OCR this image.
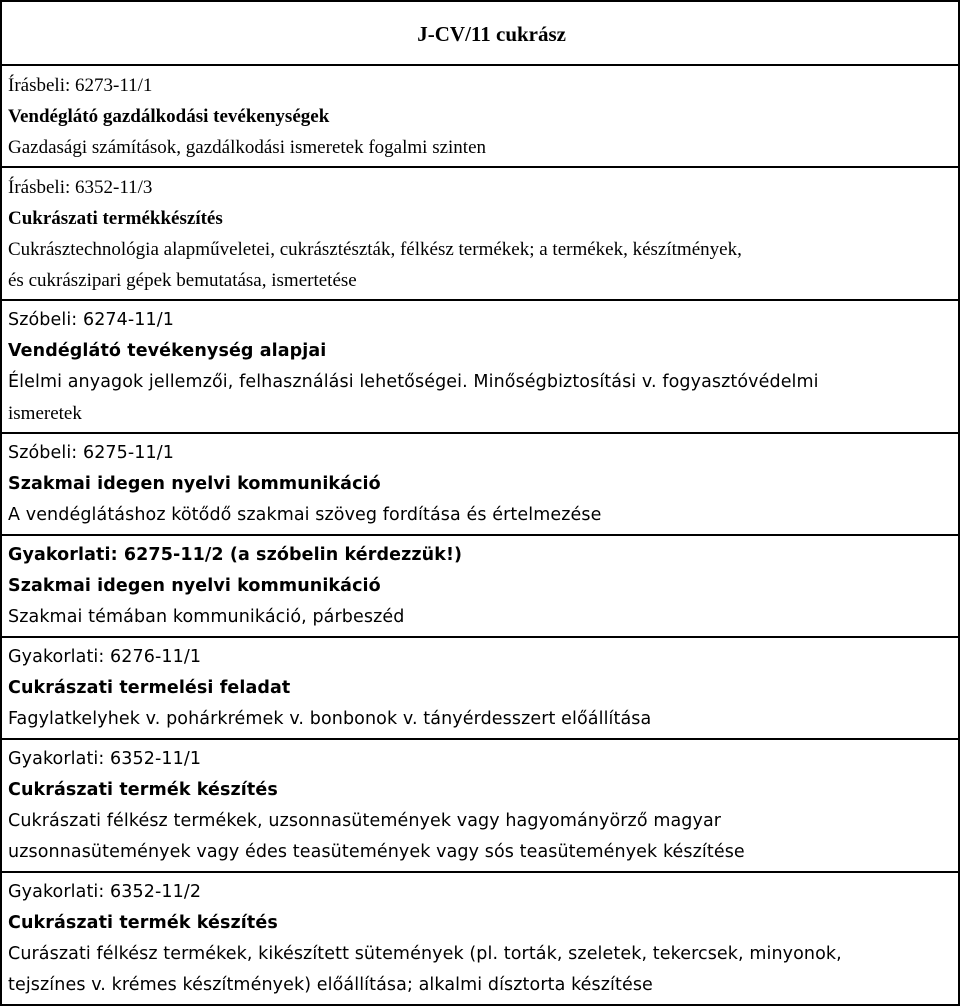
J-CV/11 cukrász
Írásbeli: 6273-11/1
Vendéglátó gazdálkodási tevékenységek
Gazdasági számítások, gazdálkodási ismeretek fogalmi szinten
Írásbeli: 6352-11/3
Cukrászati termékkészítés
Cukrásztechnológia alapműveletei, cukrásztészták, félkész termékek; a termékek, készítmények,
és cukrászipari gépek bemutatása, ismertetése
Szóbeli: 6274-11/1
Vendéglátó tevékenység alapjai
Élelmi anyagok jellemzői, felhasználási lehetőségei. Minőségbiztosítási v. fogyasztóvédelmi
ismeretek
Szóbeli: 6275-11/1
Szakmai idegen nyelvi kommunikáció
A vendéglátáshoz kötődő szakmai szöveg fordítása és értelmezése
Gyakorlati: 6275-11/2 (a szóbelin kérdezzük!)
Szakmai idegen nyelvi kommunikáció
Szakmai témában kommunikáció, párbeszéd
Gyakorlati: 6276-11/1
Cukrászati termelési feladat
Fagylatkelyhek v. pohárkrémek v. bonbonok v. tányérdesszert előállítása
Gyakorlati: 6352-11/1
Cukrászati termék készítés
Cukrászati félkész termékek, uzsonnasütemények vagy hagyományörző magyar
uzsonnasütemények vagy édes teasütemények vagy sós teasütemények készítése
Gyakorlati: 6352-11/2
Cukrászati termék készítés
Curászati félkész termékek, kikészített sütemények (pl. torták, szeletek, tekercsek, minyonok,
tejszínes v. krémes készítmények) előállítása; alkalmi dísztorta készítése
